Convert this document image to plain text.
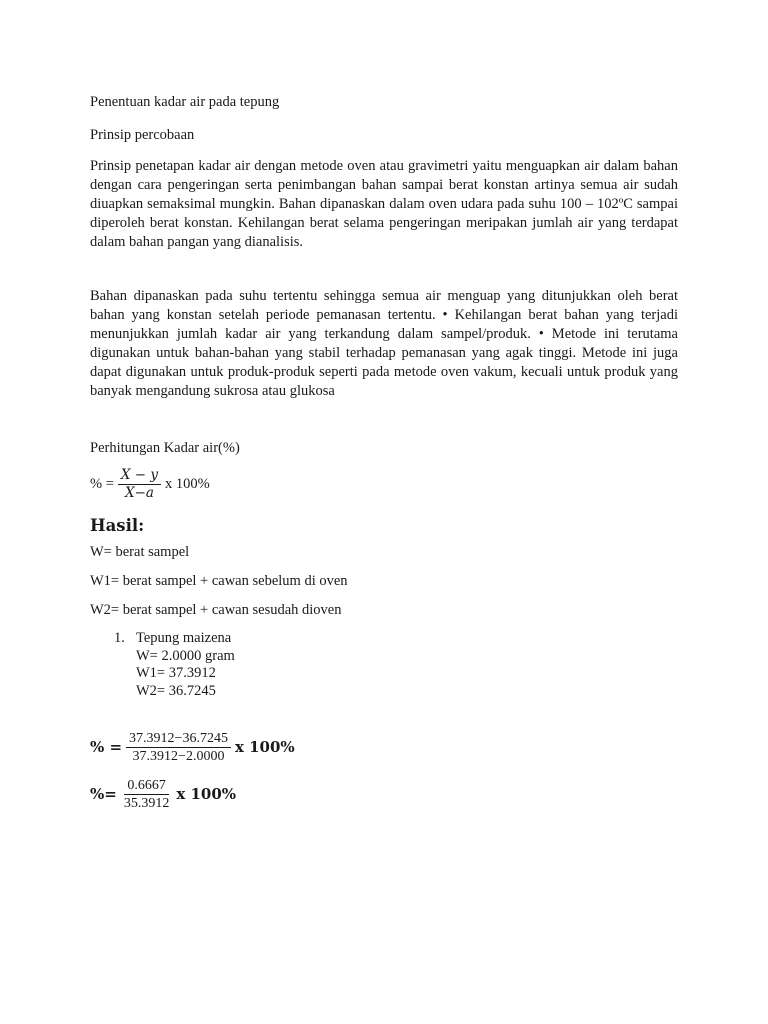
Penentuan kadar air pada tepung

Prinsip percobaan

Prinsip penetapan kadar air dengan metode oven atau gravimetri yaitu menguapkan air dalam bahan dengan cara pengeringan serta penimbangan bahan sampai berat konstan artinya semua air sudah diuapkan semaksimal mungkin. Bahan dipanaskan dalam oven udara pada suhu 100 – 102ºC sampai diperoleh berat konstan. Kehilangan berat selama pengeringan meripakan jumlah air yang terdapat dalam bahan pangan yang dianalisis.

Bahan dipanaskan pada suhu tertentu sehingga semua air menguap yang ditunjukkan oleh berat bahan yang konstan setelah periode pemanasan tertentu. • Kehilangan berat bahan yang terjadi menunjukkan jumlah kadar air yang terkandung dalam sampel/produk. • Metode ini terutama digunakan untuk bahan-bahan yang stabil terhadap pemanasan yang agak tinggi. Metode ini juga dapat digunakan untuk produk-produk seperti pada metode oven vakum, kecuali untuk produk yang banyak mengandung sukrosa atau glukosa

Perhitungan Kadar air(%)

% = $\frac{X - y}{X-a}$ x 100%

Hasil:

W= berat sampel

W1= berat sampel + cawan sebelum di oven

W2= berat sampel + cawan sesudah dioven

1. Tepung maizena
W= 2.0000 gram
W1= 37.3912
W2= 36.7245
% = $\frac{37.3912-36.7245}{37.3912-2.0000}$ x 100%
%= $\frac{0.6667}{35.3912}$ x 100%
